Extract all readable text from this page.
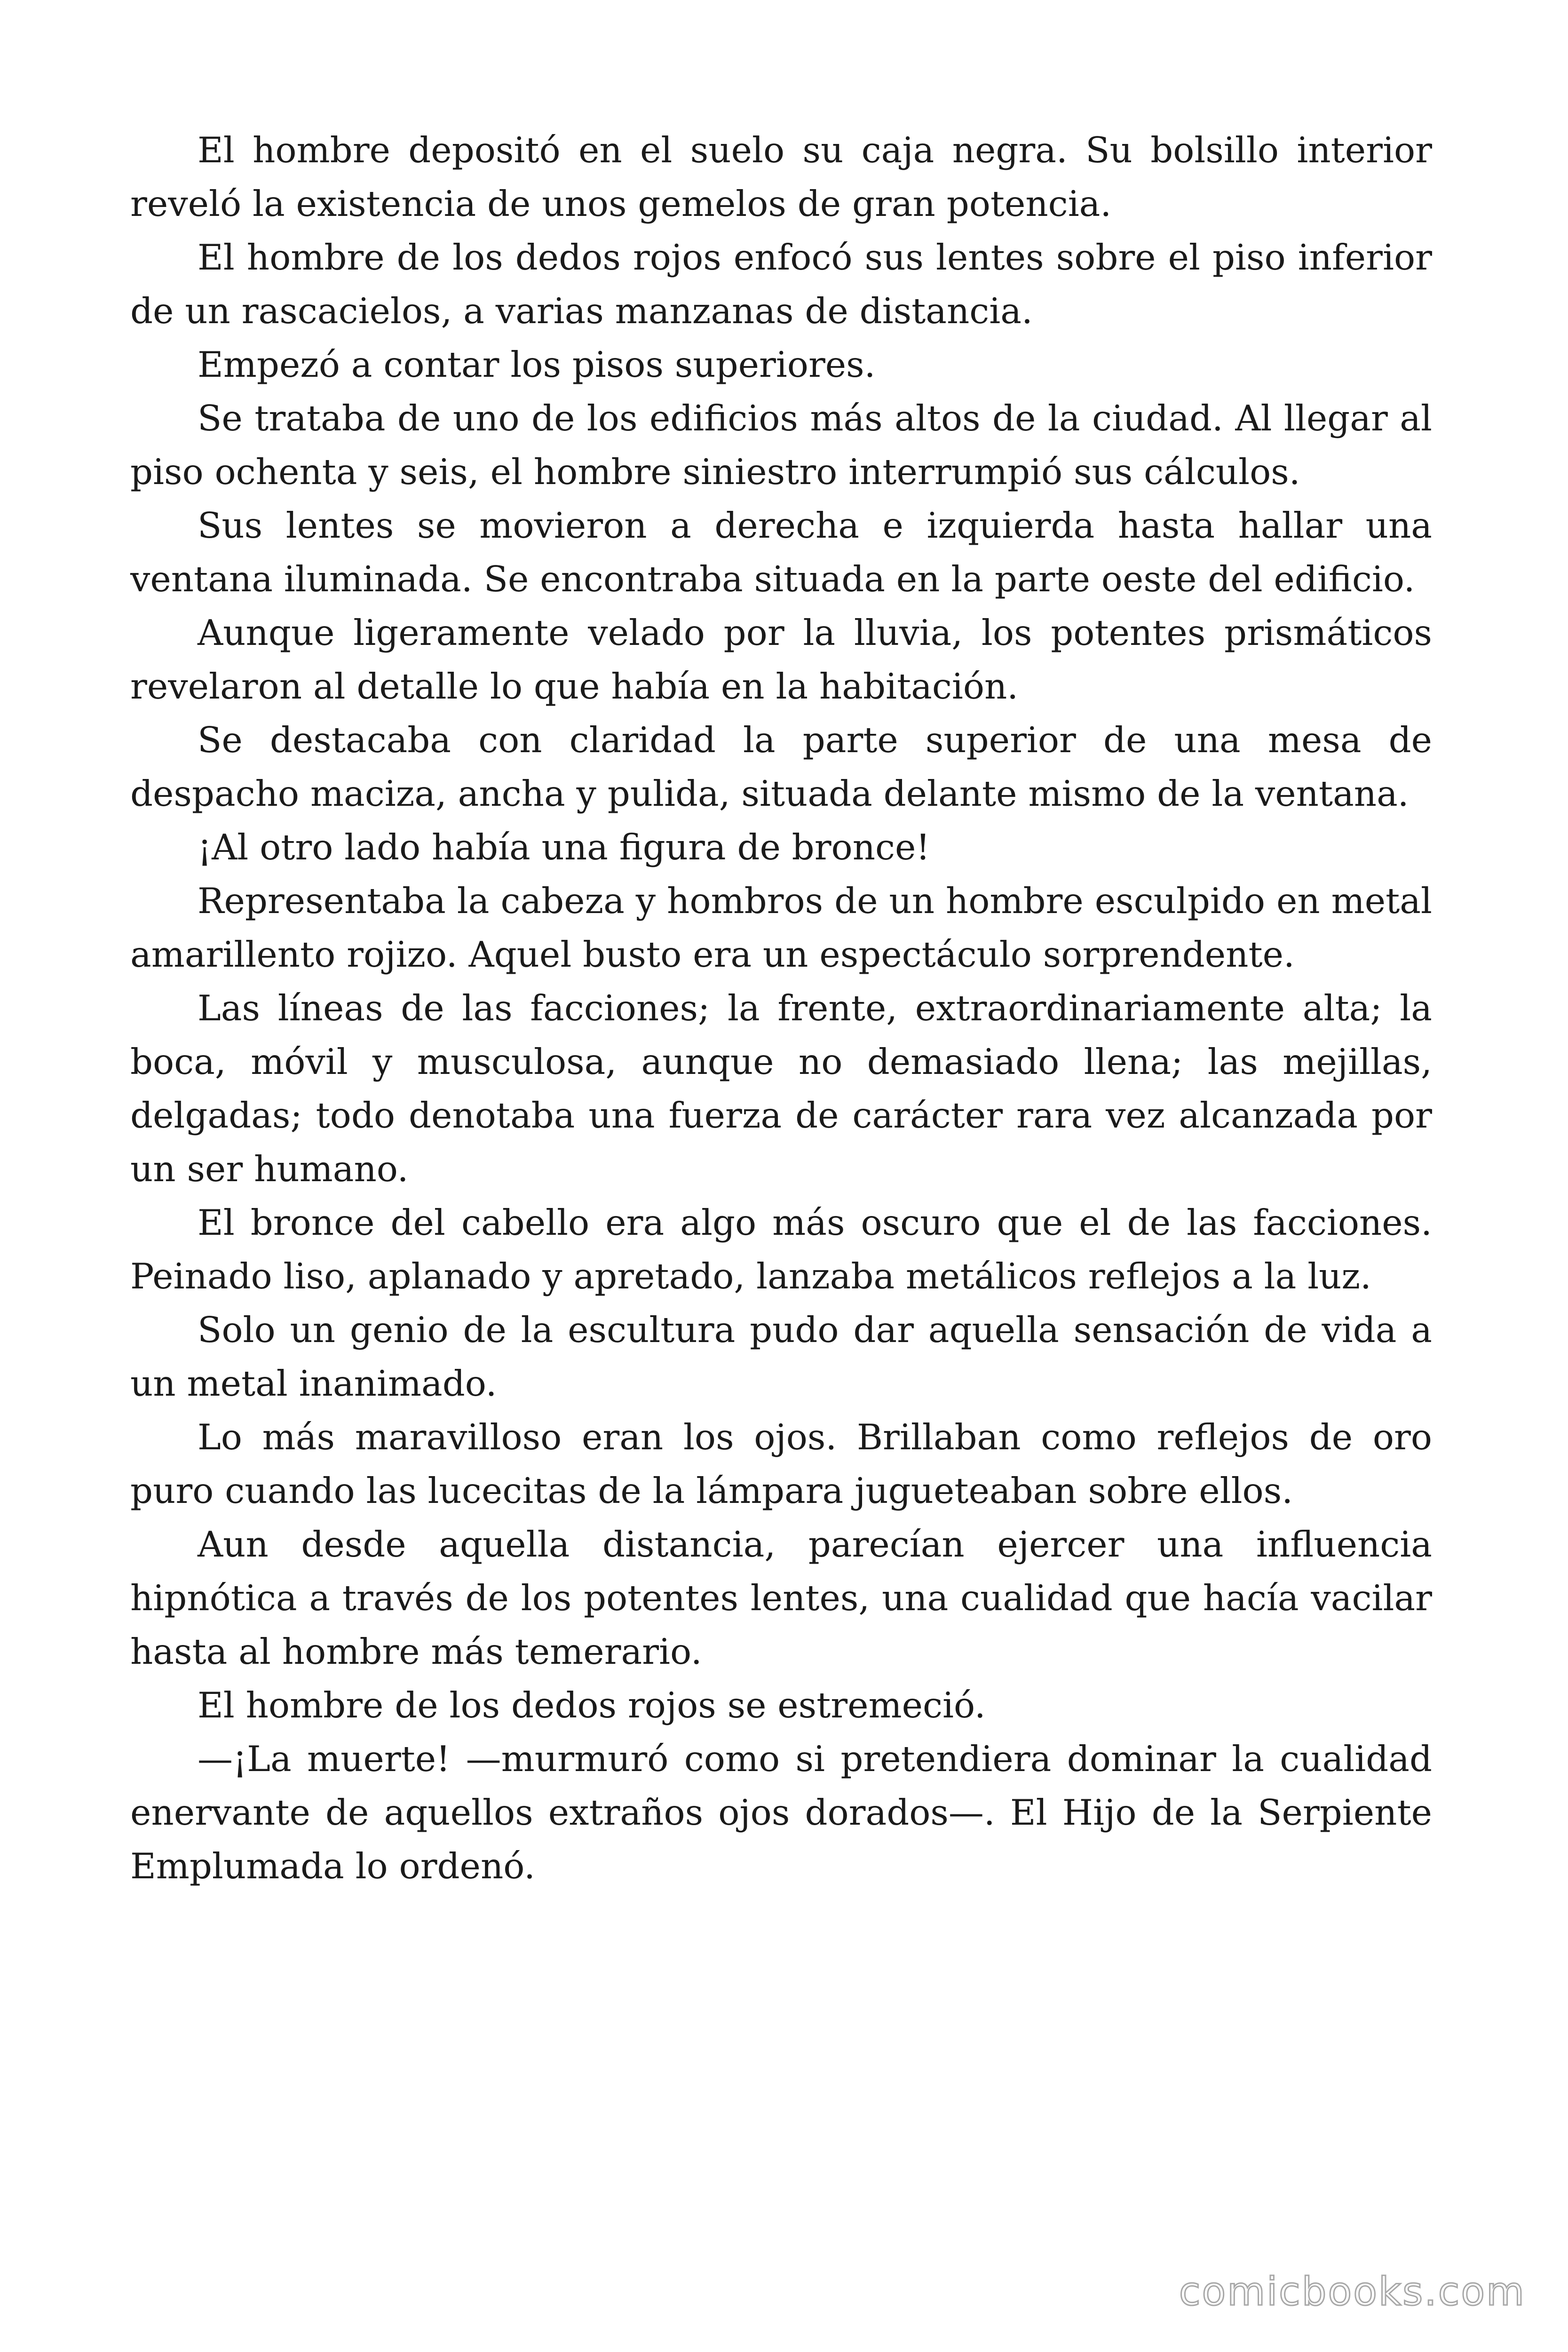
El hombre depositó en el suelo su caja negra. Su bolsillo interior reveló la existencia de unos gemelos de gran potencia.

El hombre de los dedos rojos enfocó sus lentes sobre el piso inferior de un rascacielos, a varias manzanas de distancia.

Empezó a contar los pisos superiores.

Se trataba de uno de los edificios más altos de la ciudad. Al llegar al piso ochenta y seis, el hombre siniestro interrumpió sus cálculos.

Sus lentes se movieron a derecha e izquierda hasta hallar una ventana iluminada. Se encontraba situada en la parte oeste del edificio.

Aunque ligeramente velado por la lluvia, los potentes prismáticos revelaron al detalle lo que había en la habitación.

Se destacaba con claridad la parte superior de una mesa de despacho maciza, ancha y pulida, situada delante mismo de la ventana.

¡Al otro lado había una figura de bronce!

Representaba la cabeza y hombros de un hombre esculpido en metal amarillento rojizo. Aquel busto era un espectáculo sorprendente.

Las líneas de las facciones; la frente, extraordinariamente alta; la boca, móvil y musculosa, aunque no demasiado llena; las mejillas, delgadas; todo denotaba una fuerza de carácter rara vez alcanzada por un ser humano.

El bronce del cabello era algo más oscuro que el de las facciones. Peinado liso, aplanado y apretado, lanzaba metálicos reflejos a la luz.

Solo un genio de la escultura pudo dar aquella sensación de vida a un metal inanimado.

Lo más maravilloso eran los ojos. Brillaban como reflejos de oro puro cuando las lucecitas de la lámpara jugueteaban sobre ellos.

Aun desde aquella distancia, parecían ejercer una influencia hipnótica a través de los potentes lentes, una cualidad que hacía vacilar hasta al hombre más temerario.

El hombre de los dedos rojos se estremeció.

—¡La muerte! —murmuró como si pretendiera dominar la cualidad enervante de aquellos extraños ojos dorados—. El Hijo de la Serpiente Emplumada lo ordenó.

comicbooks.com
